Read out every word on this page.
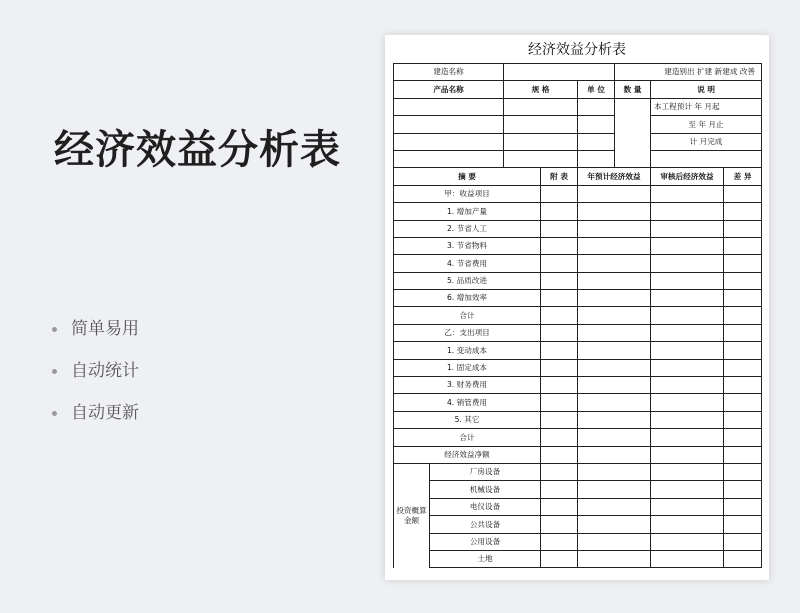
经济效益分析表
简单易用
自动统计
自动更新
经济效益分析表
建造名称					建造别出 扩建 新建成 改善			
产品名称		规 格		单 位	数 量	说 明		
						本工程预计 年 月起		
						至 年 月止		
						计 月完成		

摘 要			附 表	年预计经济效益		审核后经济效益	差 异	
甲：收益项目								
1. 增加产量								
2. 节省人工								
3. 节省物料								
4. 节省费用								
5. 品质改进								
6. 增加效率								
合计								
乙：支出项目								
1. 变动成本								
1. 固定成本								
3. 财务费用								
4. 销管费用								
5. 其它								
合计								
经济效益净额								
投资概算金额	厂房设备							
	机械设备							
	电仪设备							
	公共设备							
	公用设备							
	土地							
